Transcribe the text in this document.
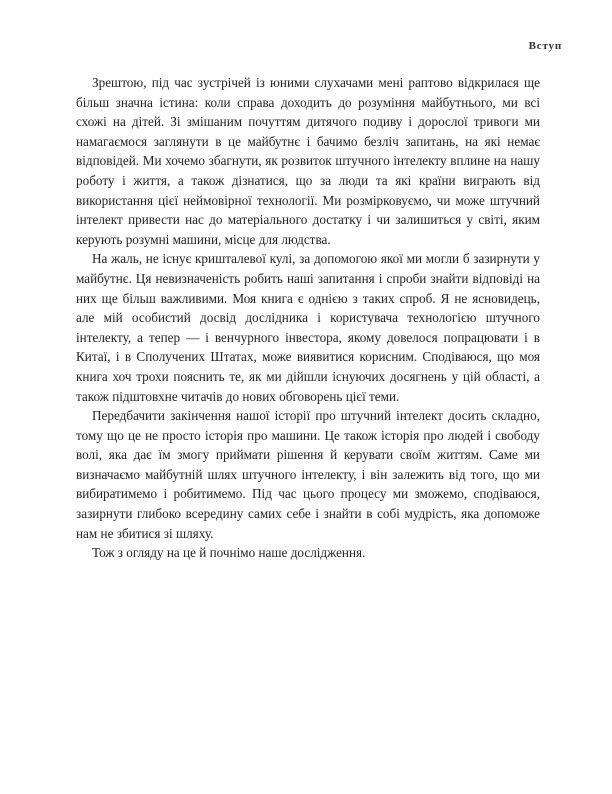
Вступ

Зрештою, під час зустрічей із юними слухачами мені раптово відкрилася ще більш значна істина: коли справа доходить до розуміння майбутнього, ми всі схожі на дітей. Зі змішаним почуттям дитячого подиву і дорослої тривоги ми намагаємося заглянути в це майбутнє і бачимо безліч запитань, на які немає відповідей. Ми хочемо збагнути, як розвиток штучного інтелекту вплине на нашу роботу і життя, а також дізнатися, що за люди та які країни виграють від використання цієї неймовірної технології. Ми розмірковуємо, чи може штучний інтелект привести нас до матеріального достатку і чи залишиться у світі, яким керують розумні машини, місце для людства.

На жаль, не існує кришталевої кулі, за допомогою якої ми могли б зазирнути у майбутнє. Ця невизначеність робить наші запитання і спроби знайти відповіді на них ще більш важливими. Моя книга є однією з таких спроб. Я не ясновидець, але мій особистий досвід дослідника і користувача технологією штучного інтелекту, а тепер — і венчурного інвестора, якому довелося попрацювати і в Китаї, і в Сполучених Штатах, може виявитися корисним. Сподіваюся, що моя книга хоч трохи пояснить те, як ми дійшли існуючих досягнень у цій області, а також підштовхне читачів до нових обговорень цієї теми.

Передбачити закінчення нашої історії про штучний інтелект досить складно, тому що це не просто історія про машини. Це також історія про людей і свободу волі, яка дає їм змогу приймати рішення й керувати своїм життям. Саме ми визначаємо майбутній шлях штучного інтелекту, і він залежить від того, що ми вибиратимемо і робитимемо. Під час цього процесу ми зможемо, сподіваюся, зазирнути глибоко всередину самих себе і знайти в собі мудрість, яка допоможе нам не збитися зі шляху.

Тож з огляду на це й почнімо наше дослідження.
